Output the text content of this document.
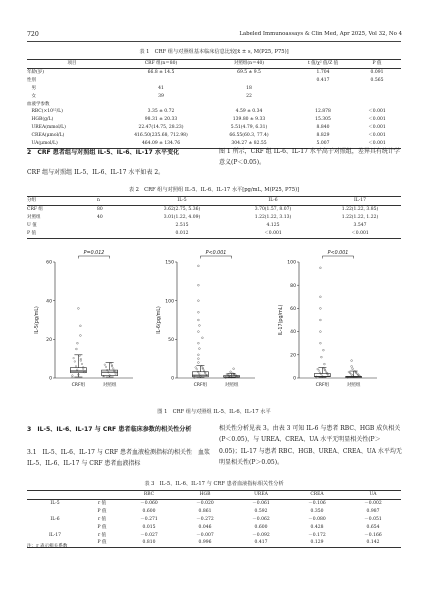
720	Labeled Immunoassays & Clin Med, Apr 2025, Vol 32, No 4
表 1　CRF 组与对照组基本临床信息比较[x̄ ± s, M(P25, P75)]
项目	CRF 组(n＝80)	对照组(n＝40)	t 值/χ² 值/Z 值	P 值
年龄(岁)	66.8 ± 14.5	69.5 ± 9.5	1.704	0.091
性别			0.417	0.565
　男	41	18		
　女	39	22		
血液学参数				
　RBC(×10¹²/L)	3.35 ± 0.72	4.59 ± 0.34	12.878	＜0.001
　HGB(g/L)	98.31 ± 20.33	139.80 ± 9.33	15.305	＜0.001
　UREA(mmol/L)	22.47(14.75, 28.23)	5.51(4.79, 6.31)	8.840	＜0.001
　CREA(μmol/L)	416.50(235.68, 712.98)	66.55(60.3, 77.4)	8.829	＜0.001
　UA(μmol/L)	464.09 ± 134.76	304.27 ± 82.55	5.007	＜0.001
2　 CRF 患者组与对照组 IL-5、IL-6、IL-17 水平变化
CRF 组与对照组 IL-5、IL-6、IL-17 水平如表 2。
图 1 所示，CRF 组 IL-6、IL-17 水平高于对照组，差异具有统计学意义(P＜0.05)。
表 2　CRF 组与对照组 IL-5、IL-6、IL-17 水平[pg/mL, M(P25, P75)]
分组	n	IL-5	IL-6	IL-17
CRF 组	80	3.62(2.75, 5.36)	3.70(1.57, 8.07)	1.22(1.22, 3.85)
对照组	40	3.01(1.22, 4.09)	1.22(1.22, 3.13)	1.22(1.22, 1.22)
U 值		2.515	4.125	3.547
P 值		0.012	＜0.001	＜0.001
0
20
40
60
IL-5(pg/mL)
CRF组	对照组
P=0.012
0
50
100
150
IL-6(pg/mL)
CRF组	对照组
P<0.001
0
20
40
60
80
100
IL-17(pg/mL)
CRF组	对照组
P<0.001
图 1　CRF 组与对照组 IL-5、IL-6、IL-17 水平
3　 IL-5、IL-6、IL-17 与 CRF 患者临床参数的相关性分析
3.1　IL-5、IL-6、IL-17 与 CRF 患者血液检测指标的相关性　血浆 IL-5、IL-6、IL-17 与 CRF 患者血液指标
相关性分析见表 3。由表 3 可知 IL-6 与患者 RBC、HGB 成负相关(P＜0.05)，与 UREA、CREA、UA 水平无明显相关性(P＞0.05)；IL-17 与患者 RBC、HGB、UREA、CREA、UA 水平均无明显相关性(P＞0.05)。
表 3　IL-5、IL-6、IL-17 与 CRF 患者血液指标相关性分析
		RBC	HGB	UREA	CREA	UA
IL-5	r 值	－0.060	－0.020	－0.061	－0.106	－0.002
	P 值	0.600	0.861	0.592	0.350	0.987
IL-6	r 值	－0.271	－0.272	－0.062	－0.080	－0.051
	P 值	0.015	0.046	0.600	0.428	0.654
IL-17	r 值	－0.027	－0.007	－0.092	－0.172	－0.166
	P 值	0.810	0.996	0.417	0.129	0.142
注：r 表示相关系数
